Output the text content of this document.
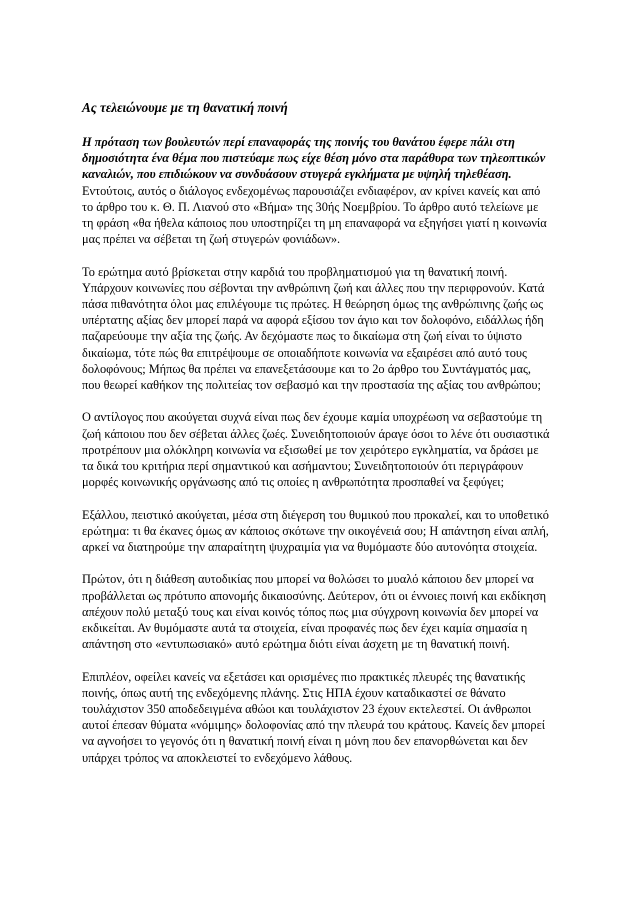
Ας τελειώνουμε με τη θανατική ποινή

Η πρόταση των βουλευτών περί επαναφοράς της ποινής του θανάτου έφερε πάλι στη δημοσιότητα ένα θέμα που πιστεύαμε πως είχε θέση μόνο στα παράθυρα των τηλεοπτικών καναλιών, που επιδιώκουν να συνδυάσουν στυγερά εγκλήματα με υψηλή τηλεθέαση. Εντούτοις, αυτός ο διάλογος ενδεχομένως παρουσιάζει ενδιαφέρον, αν κρίνει κανείς και από το άρθρο του κ. Θ. Π. Λιανού στο «Βήμα» της 30ής Νοεμβρίου. Το άρθρο αυτό τελείωνε με τη φράση «θα ήθελα κάποιος που υποστηρίζει τη μη επαναφορά να εξηγήσει γιατί η κοινωνία μας πρέπει να σέβεται τη ζωή στυγερών φονιάδων».

Το ερώτημα αυτό βρίσκεται στην καρδιά του προβληματισμού για τη θανατική ποινή. Υπάρχουν κοινωνίες που σέβονται την ανθρώπινη ζωή και άλλες που την περιφρονούν. Κατά πάσα πιθανότητα όλοι μας επιλέγουμε τις πρώτες. Η θεώρηση όμως της ανθρώπινης ζωής ως υπέρτατης αξίας δεν μπορεί παρά να αφορά εξίσου τον άγιο και τον δολοφόνο, ειδάλλως ήδη παζαρεύουμε την αξία της ζωής. Αν δεχόμαστε πως το δικαίωμα στη ζωή είναι το ύψιστο δικαίωμα, τότε πώς θα επιτρέψουμε σε οποιαδήποτε κοινωνία να εξαιρέσει από αυτό τους δολοφόνους; Μήπως θα πρέπει να επανεξετάσουμε και το 2ο άρθρο του Συντάγματός μας, που θεωρεί καθήκον της πολιτείας τον σεβασμό και την προστασία της αξίας του ανθρώπου;

Ο αντίλογος που ακούγεται συχνά είναι πως δεν έχουμε καμία υποχρέωση να σεβαστούμε τη ζωή κάποιου που δεν σέβεται άλλες ζωές. Συνειδητοποιούν άραγε όσοι το λένε ότι ουσιαστικά προτρέπουν μια ολόκληρη κοινωνία να εξισωθεί με τον χειρότερο εγκληματία, να δράσει με τα δικά του κριτήρια περί σημαντικού και ασήμαντου; Συνειδητοποιούν ότι περιγράφουν μορφές κοινωνικής οργάνωσης από τις οποίες η ανθρωπότητα προσπαθεί να ξεφύγει;

Εξάλλου, πειστικό ακούγεται, μέσα στη διέγερση του θυμικού που προκαλεί, και το υποθετικό ερώτημα: τι θα έκανες όμως αν κάποιος σκότωνε την οικογένειά σου; Η απάντηση είναι απλή, αρκεί να διατηρούμε την απαραίτητη ψυχραιμία για να θυμόμαστε δύο αυτονόητα στοιχεία.

Πρώτον, ότι η διάθεση αυτοδικίας που μπορεί να θολώσει το μυαλό κάποιου δεν μπορεί να προβάλλεται ως πρότυπο απονομής δικαιοσύνης. Δεύτερον, ότι οι έννοιες ποινή και εκδίκηση απέχουν πολύ μεταξύ τους και είναι κοινός τόπος πως μια σύγχρονη κοινωνία δεν μπορεί να εκδικείται. Αν θυμόμαστε αυτά τα στοιχεία, είναι προφανές πως δεν έχει καμία σημασία η απάντηση στο «εντυπωσιακό» αυτό ερώτημα διότι είναι άσχετη με τη θανατική ποινή.

Επιπλέον, οφείλει κανείς να εξετάσει και ορισμένες πιο πρακτικές πλευρές της θανατικής ποινής, όπως αυτή της ενδεχόμενης πλάνης. Στις ΗΠΑ έχουν καταδικαστεί σε θάνατο τουλάχιστον 350 αποδεδειγμένα αθώοι και τουλάχιστον 23 έχουν εκτελεστεί. Οι άνθρωποι αυτοί έπεσαν θύματα «νόμιμης» δολοφονίας από την πλευρά του κράτους. Κανείς δεν μπορεί να αγνοήσει το γεγονός ότι η θανατική ποινή είναι η μόνη που δεν επανορθώνεται και δεν υπάρχει τρόπος να αποκλειστεί το ενδεχόμενο λάθους.
